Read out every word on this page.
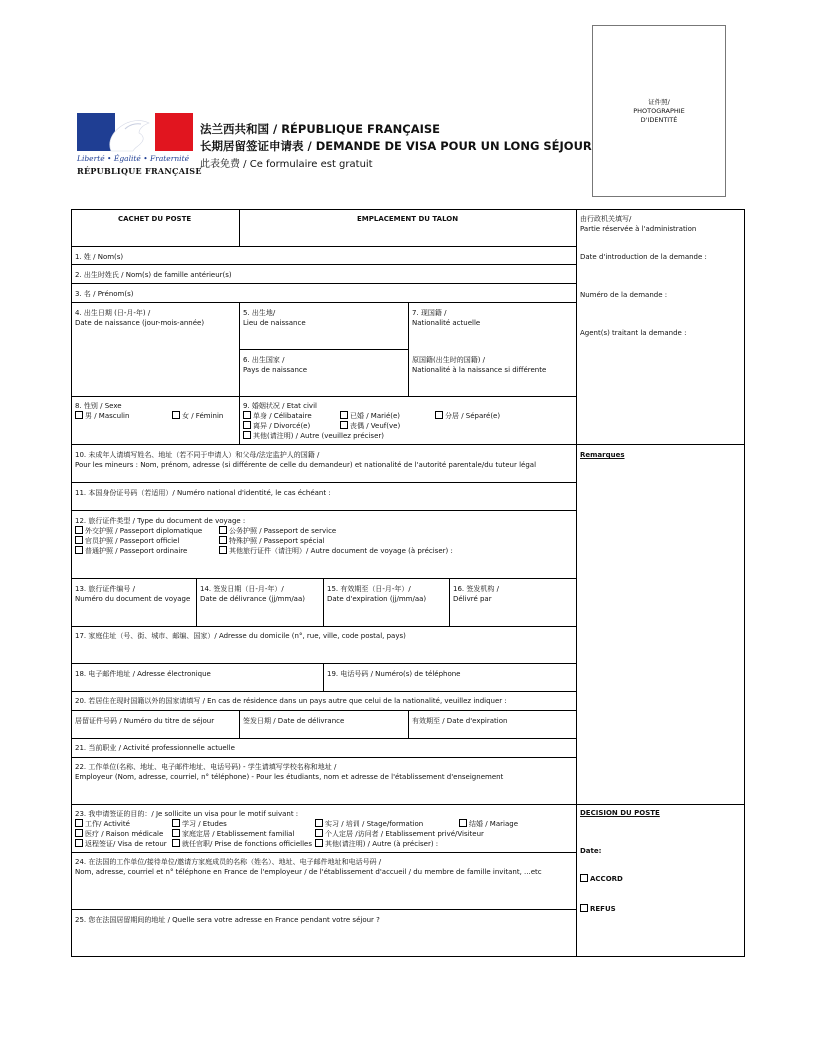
证件照/
PHOTOGRAPHIE
D'IDENTITÉ
Liberté • Égalité • Fraternité
RÉPUBLIQUE FRANÇAISE
法兰西共和国 / RÉPUBLIQUE FRANÇAISE
长期居留签证申请表 / DEMANDE DE VISA POUR UN LONG SÉJOUR
此表免费 / Ce formulaire est gratuit
CACHET DU POSTE	EMPLACEMENT DU TALON	由行政机关填写/
Partie réservée à l'administration
Date d'introduction de la demande :
Numéro de la demande :
Agent(s) traitant la demande :
Remarques
DECISION DU POSTE
Date:
ACCORD
REFUS
1. 姓 / Nom(s)
2. 出生时姓氏 / Nom(s) de famille antérieur(s)
3. 名 / Prénom(s)
4. 出生日期 (日-月-年) /
Date de naissance (jour-mois-année)
5. 出生地/
Lieu de naissance
6. 出生国家 /
Pays de naissance
7. 现国籍 /
Nationalité actuelle
原国籍(出生时的国籍) /
Nationalité à la naissance si différente
8. 性别 / Sexe
男 / Masculin	女 / Féminin
9. 婚姻状况 / Etat civil
单身 / Célibataire	已婚 / Marié(e)	分居 / Séparé(e)
离异 / Divorcé(e)	丧偶 / Veuf(ve)
其他(请注明) / Autre (veuillez préciser)
10. 未成年人请填写姓名、地址（若不同于申请人）和父母/法定监护人的国籍 /
Pour les mineurs : Nom, prénom, adresse (si différente de celle du demandeur) et nationalité de l'autorité parentale/du tuteur légal
11. 本国身份证号码（若适用）/ Numéro national d'identité, le cas échéant :
12. 旅行证件类型 / Type du document de voyage :
外交护照 / Passeport diplomatique	公务护照 / Passeport de service
官员护照 / Passeport officiel	特殊护照 / Passeport spécial
普通护照 / Passeport ordinaire	其他旅行证件（请注明）/ Autre document de voyage (à préciser) :
13. 旅行证件编号 /
Numéro du document de voyage
14. 签发日期（日-月-年）/
Date de délivrance (jj/mm/aa)
15. 有效期至（日-月-年）/
Date d'expiration (jj/mm/aa)
16. 签发机构 /
Délivré par
17. 家庭住址（号、街、城市、邮编、国家）/ Adresse du domicile (n°, rue, ville, code postal, pays)
18. 电子邮件地址 / Adresse électronique	19. 电话号码 / Numéro(s) de téléphone
20. 若居住在现时国籍以外的国家请填写 / En cas de résidence dans un pays autre que celui de la nationalité, veuillez indiquer :
居留证件号码 / Numéro du titre de séjour	签发日期 / Date de délivrance	有效期至 / Date d'expiration
21. 当前职业 / Activité professionnelle actuelle
22. 工作单位(名称、地址、电子邮件地址、电话号码) - 学生请填写学校名称和地址 /
Employeur (Nom, adresse, courriel, n° téléphone) - Pour les étudiants, nom et adresse de l'établissement d'enseignement
23. 我申请签证的目的：/ Je sollicite un visa pour le motif suivant :
工作/ Activité	学习 / Etudes	实习 / 培训 / Stage/formation	结婚 / Mariage
医疗 / Raison médicale	家庭定居 / Etablissement familial	个人定居 /访问者 / Etablissement privé/Visiteur
返程签证/ Visa de retour	就任官职/ Prise de fonctions officielles	其他(请注明) / Autre (à préciser) :
24. 在法国的工作单位/接待单位/邀请方家庭成员的名称（姓名）、地址、电子邮件地址和电话号码 /
Nom, adresse, courriel et n° téléphone en France de l'employeur / de l'établissement d'accueil / du membre de famille invitant, ...etc
25. 您在法国居留期间的地址 / Quelle sera votre adresse en France pendant votre séjour ?
